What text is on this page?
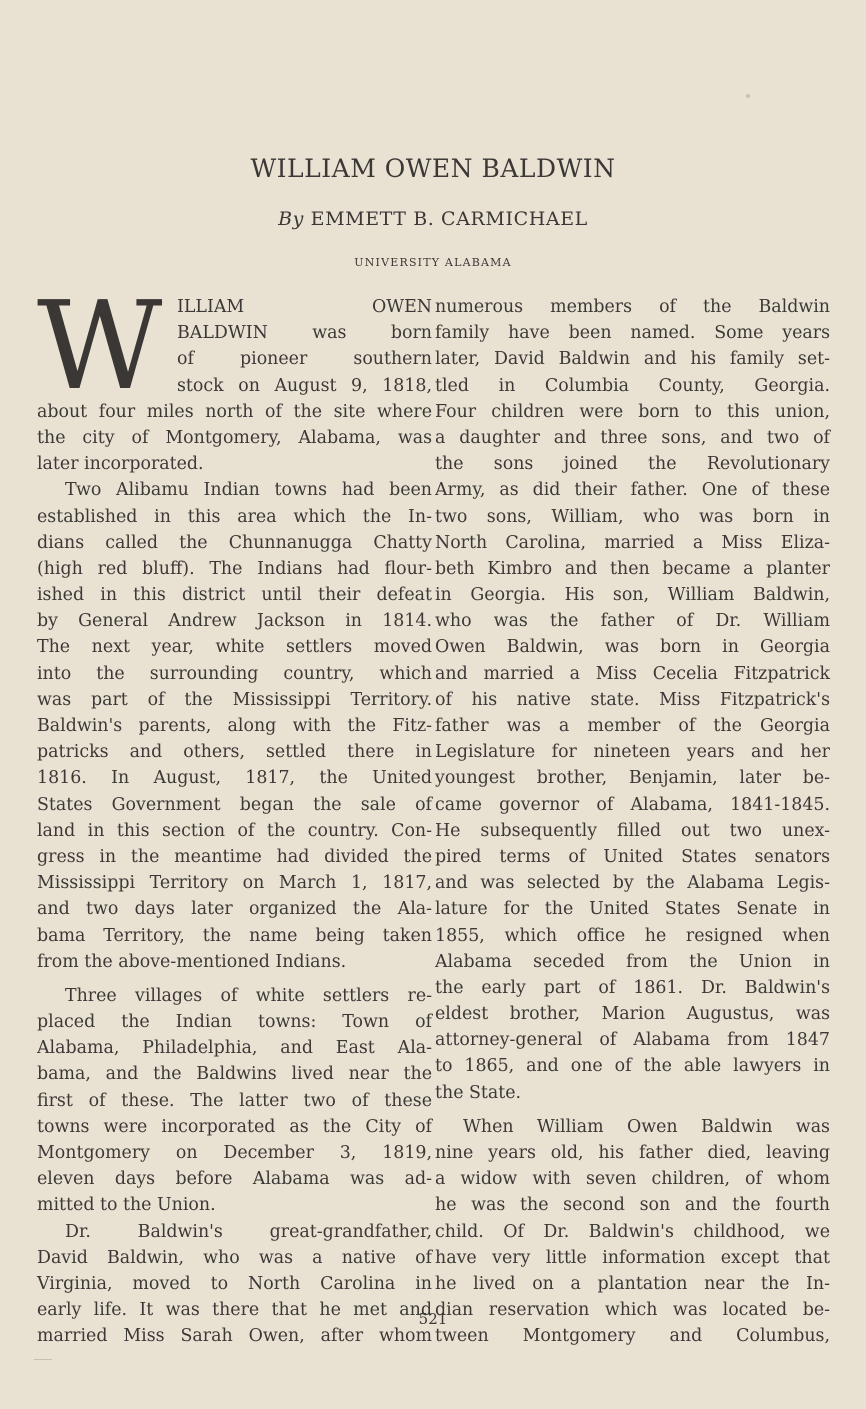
WILLIAM OWEN BALDWIN
By EMMETT B. CARMICHAEL
UNIVERSITY ALABAMA
W	ILLIAM OWEN
BALDWIN was born
of pioneer southern
stock on August 9, 1818,
about four miles north of the site where
the city of Montgomery, Alabama, was
later incorporated.
Two Alibamu Indian towns had been
established in this area which the In-
dians called the Chunnanugga Chatty
(high red bluff). The Indians had flour-
ished in this district until their defeat
by General Andrew Jackson in 1814.
The next year, white settlers moved
into the surrounding country, which
was part of the Mississippi Territory.
Baldwin's parents, along with the Fitz-
patricks and others, settled there in
1816. In August, 1817, the United
States Government began the sale of
land in this section of the country. Con-
gress in the meantime had divided the
Mississippi Territory on March 1, 1817,
and two days later organized the Ala-
bama Territory, the name being taken
from the above-mentioned Indians.
Three villages of white settlers re-
placed the Indian towns: Town of
Alabama, Philadelphia, and East Ala-
bama, and the Baldwins lived near the
first of these. The latter two of these
towns were incorporated as the City of
Montgomery on December 3, 1819,
eleven days before Alabama was ad-
mitted to the Union.
Dr. Baldwin's great-grandfather,
David Baldwin, who was a native of
Virginia, moved to North Carolina in
early life. It was there that he met and
married Miss Sarah Owen, after whom
numerous members of the Baldwin
family have been named. Some years
later, David Baldwin and his family set-
tled in Columbia County, Georgia.
Four children were born to this union,
a daughter and three sons, and two of
the sons joined the Revolutionary
Army, as did their father. One of these
two sons, William, who was born in
North Carolina, married a Miss Eliza-
beth Kimbro and then became a planter
in Georgia. His son, William Baldwin,
who was the father of Dr. William
Owen Baldwin, was born in Georgia
and married a Miss Cecelia Fitzpatrick
of his native state. Miss Fitzpatrick's
father was a member of the Georgia
Legislature for nineteen years and her
youngest brother, Benjamin, later be-
came governor of Alabama, 1841-1845.
He subsequently filled out two unex-
pired terms of United States senators
and was selected by the Alabama Legis-
lature for the United States Senate in
1855, which office he resigned when
Alabama seceded from the Union in
the early part of 1861. Dr. Baldwin's
eldest brother, Marion Augustus, was
attorney-general of Alabama from 1847
to 1865, and one of the able lawyers in
the State.
When William Owen Baldwin was
nine years old, his father died, leaving
a widow with seven children, of whom
he was the second son and the fourth
child. Of Dr. Baldwin's childhood, we
have very little information except that
he lived on a plantation near the In-
dian reservation which was located be-
tween Montgomery and Columbus,
521
